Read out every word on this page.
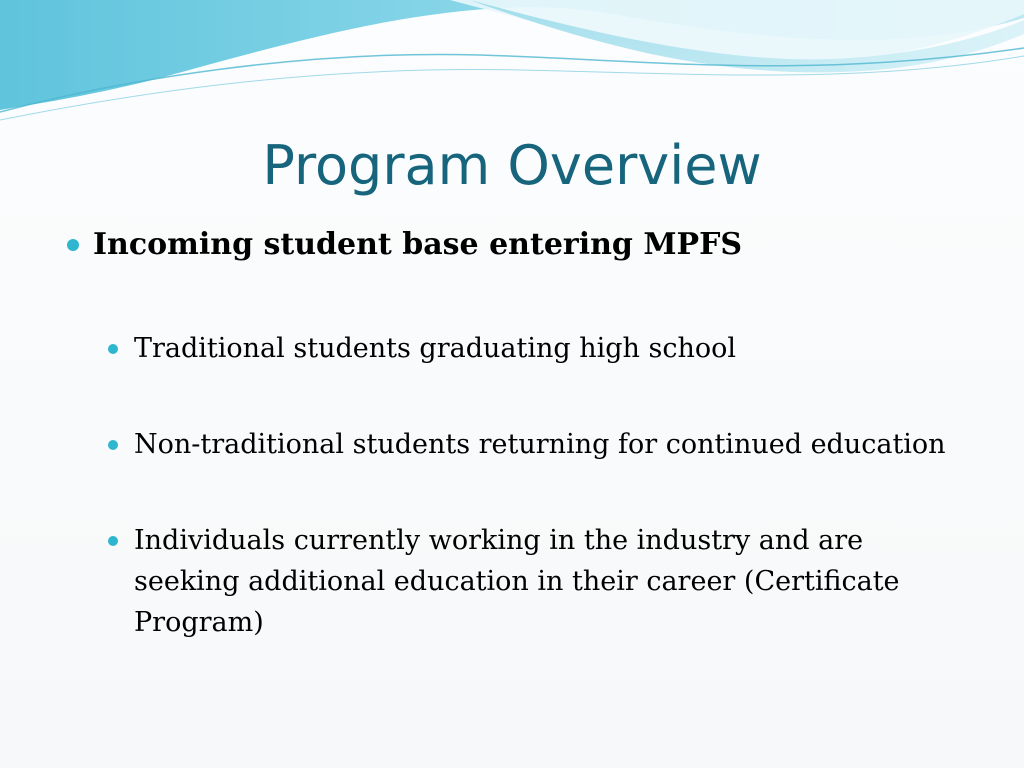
Program Overview
Incoming student base entering MPFS
Traditional students graduating high school
Non-traditional students returning for continued education
Individuals currently working in the industry and are seeking additional education in their career (Certificate Program)
